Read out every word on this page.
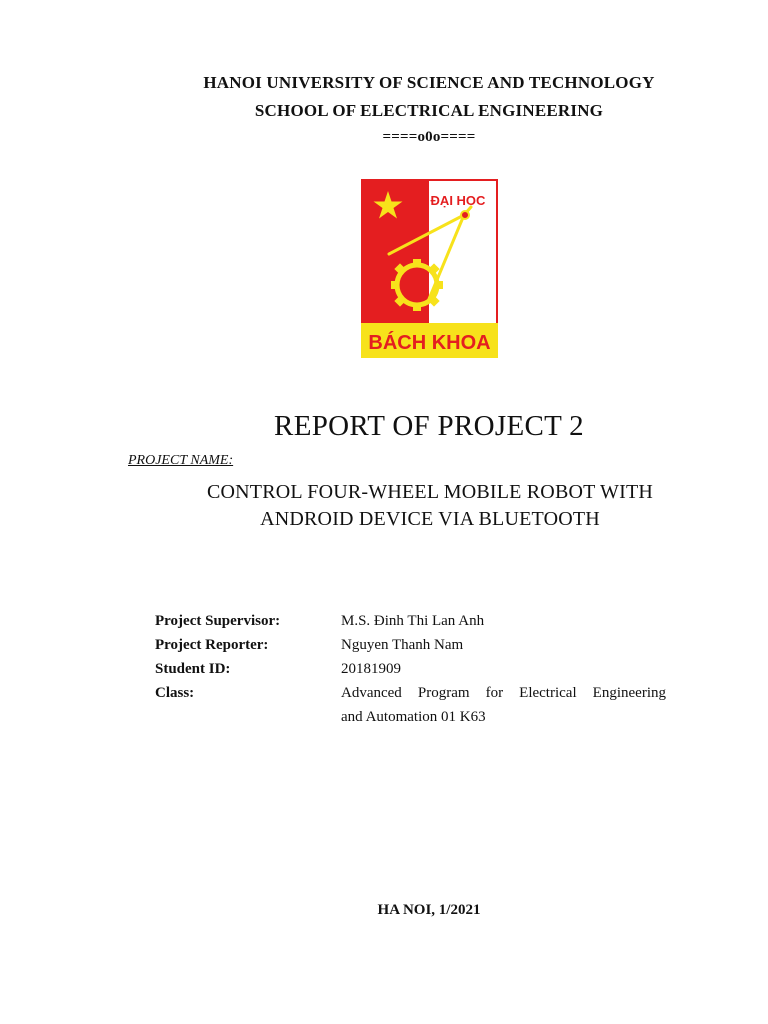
HANOI UNIVERSITY OF SCIENCE AND TECHNOLOGY
SCHOOL OF ELECTRICAL ENGINEERING
====o0o====
ĐẠI HỌC
BÁCH KHOA
REPORT OF PROJECT 2
PROJECT NAME:
CONTROL FOUR-WHEEL MOBILE ROBOT WITH
ANDROID DEVICE VIA BLUETOOTH
Project Supervisor:	M.S. Đinh Thi Lan Anh
Project Reporter:	Nguyen Thanh Nam
Student ID:	20181909
Class:	Advanced Program for Electrical Engineering
and Automation 01 K63
HA NOI, 1/2021
